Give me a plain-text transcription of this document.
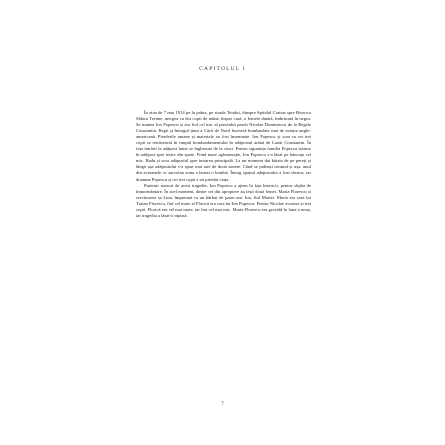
CAPITOLUL I

În ziua de 7 mai 1914 pe la prânz, pe strada Teiului, dinspre Spitalul Caritas spre Biserica Sfântu Treime, mergea cu doi copii de mână, înspre casă, o femeie tânără, îmbrăcată în negru. Se numea Ion Popescu și era fiul cel mic al preotului paroh Nicolae Dumitrescu de la Regele Constantin. Regii și întregul ținut a Cării de Nord fuseseră bombardate mai de aviația anglo-americană. Pierderile umane și materiale au fost însemnate. Ion Popescu și sora sa cei trei copii se retrăseseră în timpul bombardamentului în adăpostul arătat de Lazăr Constantin. În fața intrării la adăpost lume se înghesuia de la cinci. Pentru siguranța familia Popescu stătuse în adăpost spre ieșire din spate. Fiind mare aglomerație, Ion Popescu s-a lăsat pe băncuța cel mic. Radu și sora adăpostul spre intrarea principală. La un moment dat bătaia de pe pereți și lângă ușa adăpostului s-a spart mai tare de două sunete. Când se prăbuși tavanul și ușa, unul din avioanele ce survolau zona a lansat o bombă. Întreg spațiul adăpostului a fost distrus, iar doamna Popescu și cei trei copii s-au pierdut viața.

Puternic marcat de acest tragedie, Ion Popescu a ajuns în fața bisericii, pentru slujba de înmormântare. În acel moment, dintre cei din apropiere au ieșit două femei. Maria Florescu și servitoarea sa Lina, împreună cu un bărbat de patru ani. Ion, fiul Mariei. Maria era sora lui Traian Florescu, fiul cel mare al Florică era sora lui Ion Popescu. Pentru Nicolae avusese și trei copii. Florică era cel mai mare, iar Ion cel mai mic. Maria Florescu era gravidă în luna a noua, iar tragedia a lăsat-o răpusă.

7
